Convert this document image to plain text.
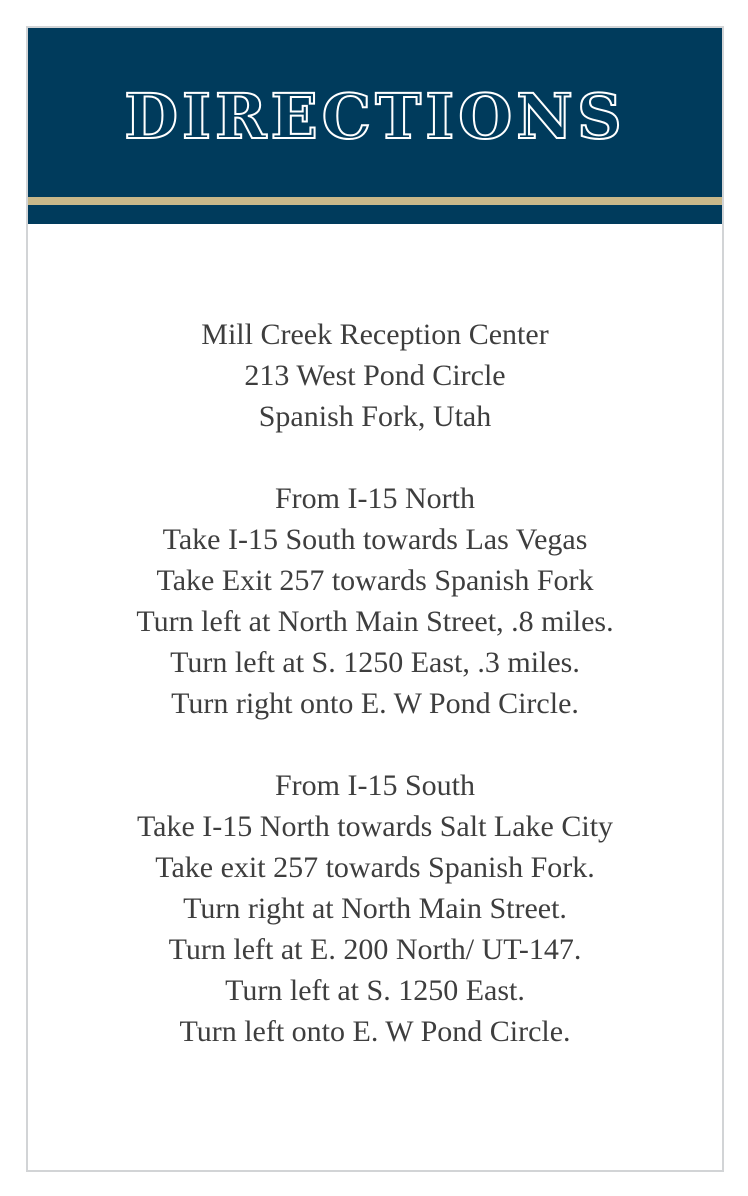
DIRECTIONS
Mill Creek Reception Center
213 West Pond Circle
Spanish Fork, Utah
From I-15 North
Take I-15 South towards Las Vegas
Take Exit 257 towards Spanish Fork
Turn left at North Main Street, .8 miles.
Turn left at S. 1250 East, .3 miles.
Turn right onto E. W Pond Circle.
From I-15 South
Take I-15 North towards Salt Lake City
Take exit 257 towards Spanish Fork.
Turn right at North Main Street.
Turn left at E. 200 North/ UT-147.
Turn left at S. 1250 East.
Turn left onto E. W Pond Circle.
